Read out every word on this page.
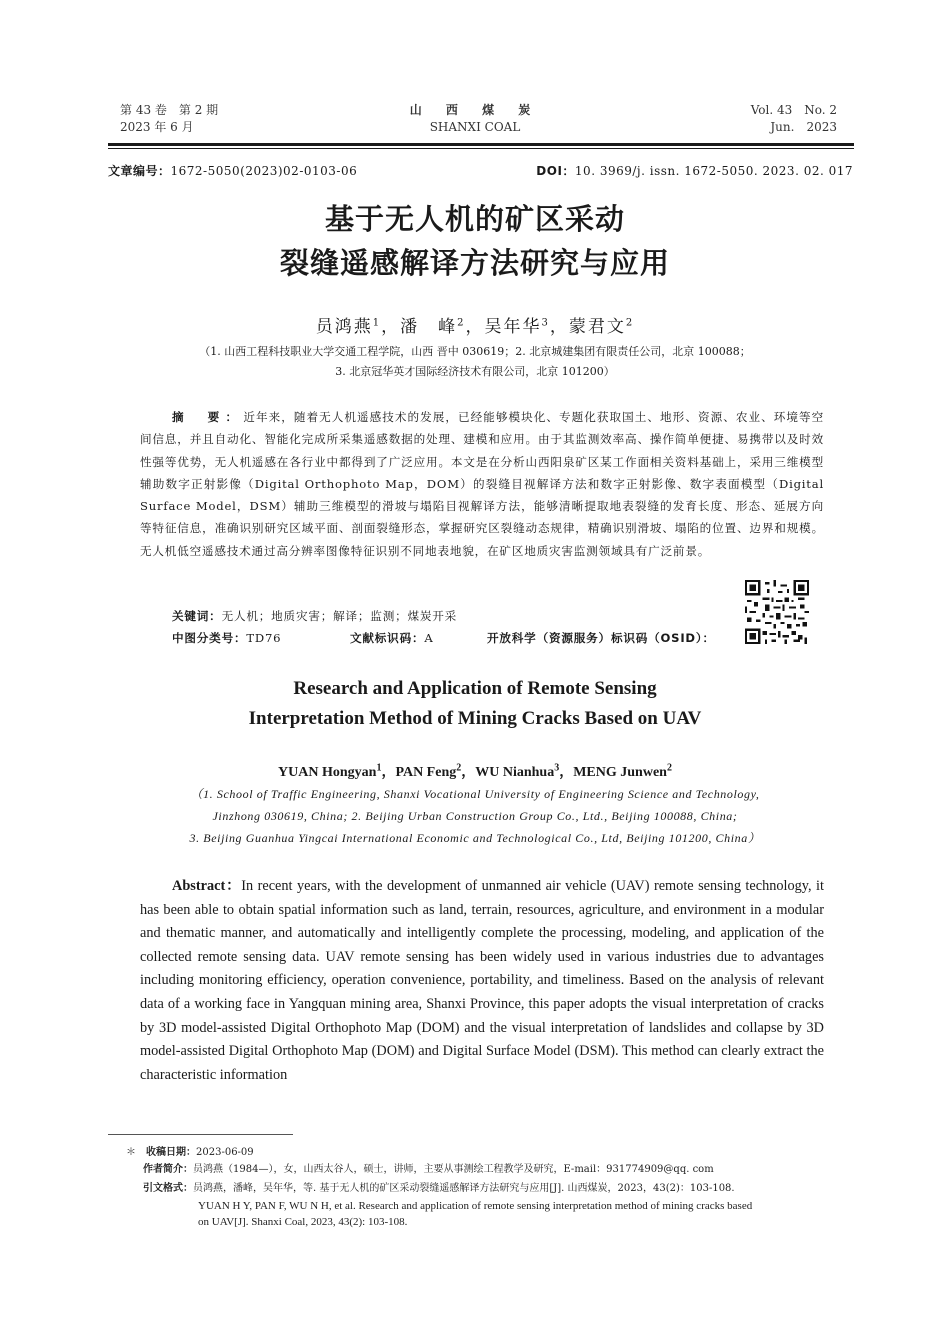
第 43 卷　第 2 期
2023 年 6 月
山 西 煤 炭
SHANXI COAL
Vol. 43　No. 2
Jun.　2023
文章编号：1672-5050(2023)02-0103-06	DOI：10. 3969/j. issn. 1672-5050. 2023. 02. 017
基于无人机的矿区采动
裂缝遥感解译方法研究与应用
员鸿燕$^1$，潘　峰$^2$，吴年华$^3$，蒙君文$^2$
（1. 山西工程科技职业大学交通工程学院，山西 晋中 030619；2. 北京城建集团有限责任公司，北京 100088；
3. 北京冠华英才国际经济技术有限公司，北京 101200）
摘　要：近年来，随着无人机遥感技术的发展，已经能够模块化、专题化获取国土、地形、资源、农业、环境等空间信息，并且自动化、智能化完成所采集遥感数据的处理、建模和应用。由于其监测效率高、操作简单便捷、易携带以及时效性强等优势，无人机遥感在各行业中都得到了广泛应用。本文是在分析山西阳泉矿区某工作面相关资料基础上，采用三维模型辅助数字正射影像（Digital Orthophoto Map，DOM）的裂缝目视解译方法和数字正射影像、数字表面模型（Digital Surface Model，DSM）辅助三维模型的滑坡与塌陷目视解译方法，能够清晰提取地表裂缝的发育长度、形态、延展方向等特征信息，准确识别研究区域平面、剖面裂缝形态，掌握研究区裂缝动态规律，精确识别滑坡、塌陷的位置、边界和规模。无人机低空遥感技术通过高分辨率图像特征识别不同地表地貌，在矿区地质灾害监测领域具有广泛前景。
关键词：无人机；地质灾害；解译；监测；煤炭开采
中图分类号：TD76	文献标识码：A	开放科学（资源服务）标识码（OSID）：
Research and Application of Remote Sensing
Interpretation Method of Mining Cracks Based on UAV
YUAN Hongyan$^1$，PAN Feng$^2$，WU Nianhua$^3$，MENG Junwen$^2$
（1. School of Traffic Engineering, Shanxi Vocational University of Engineering Science and Technology,
Jinzhong 030619, China; 2. Beijing Urban Construction Group Co., Ltd., Beijing 100088, China;
3. Beijing Guanhua Yingcai International Economic and Technological Co., Ltd, Beijing 101200, China）
Abstract：In recent years, with the development of unmanned air vehicle (UAV) remote sensing technology, it has been able to obtain spatial information such as land, terrain, resources, agriculture, and environment in a modular and thematic manner, and automatically and intelligently complete the processing, modeling, and application of the collected remote sensing data. UAV remote sensing has been widely used in various industries due to advantages including monitoring efficiency, operation convenience, portability, and timeliness. Based on the analysis of relevant data of a working face in Yangquan mining area, Shanxi Province, this paper adopts the visual interpretation of cracks by 3D model-assisted Digital Orthophoto Map (DOM) and the visual interpretation of landslides and collapse by 3D model-assisted Digital Orthophoto Map (DOM) and Digital Surface Model (DSM). This method can clearly extract the characteristic information
＊　 收稿日期：2023-06-09
作者简介：员鸿燕（1984—），女，山西太谷人，硕士，讲师，主要从事测绘工程教学及研究，E-mail：931774909@qq. com
引文格式：员鸿燕，潘峰，吴年华，等. 基于无人机的矿区采动裂缝遥感解译方法研究与应用[J]. 山西煤炭，2023，43(2)：103-108.
YUAN H Y, PAN F, WU N H, et al. Research and application of remote sensing interpretation method of mining cracks based
on UAV[J]. Shanxi Coal, 2023, 43(2): 103-108.
